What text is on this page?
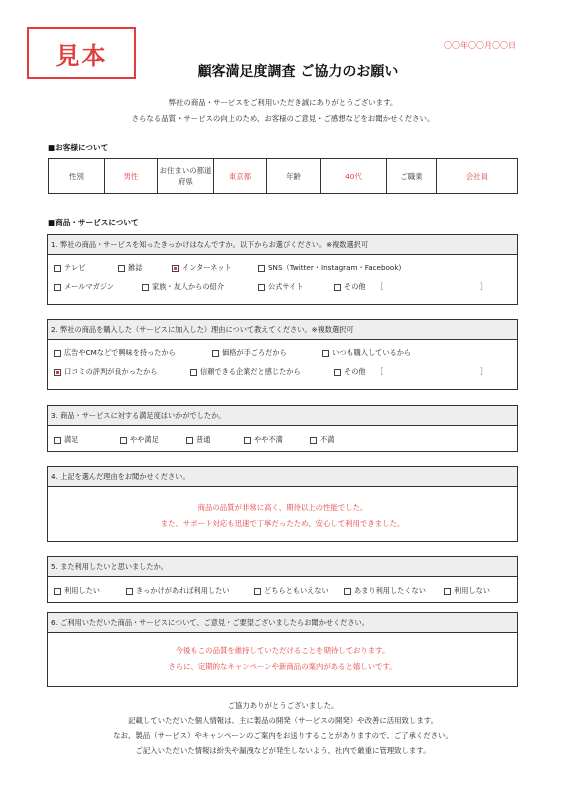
見本	〇〇年〇〇月〇〇日
顧客満足度調査 ご協力のお願い
弊社の商品・サービスをご利用いただき誠にありがとうございます。
さらなる品質・サービスの向上のため、お客様のご意見・ご感想などをお聞かせください。
■お客様について
性別	男性	お住まいの都道府県	東京都	年齢	40代	ご職業	会社員
■商品・サービスについて
1. 弊社の商品・サービスを知ったきっかけはなんですか。以下からお選びください。※複数選択可
テレビ	雑誌	インターネット	SNS（Twitter・Instagram・Facebook)
メールマガジン	家族・友人からの紹介	公式サイト	その他 ［	］
2. 弊社の商品を購入した（サービスに加入した）理由について教えてください。※複数選択可
広告やCMなどで興味を持ったから	価格が手ごろだから	いつも購入しているから
口コミの評判が良かったから	信頼できる企業だと感じたから	その他 ［	］
3. 商品・サービスに対する満足度はいかがでしたか。
満足	やや満足	普通	やや不満	不満
4. 上記を選んだ理由をお聞かせください。
商品の品質が非常に高く、期待以上の性能でした。
また、サポート対応も迅速で丁寧だったため、安心して利用できました。
5. また利用したいと思いましたか。
利用したい	きっかけがあれば利用したい	どちらともいえない	あまり利用したくない	利用しない
6. ご利用いただいた商品・サービスについて、ご意見・ご要望ございましたらお聞かせください。
今後もこの品質を維持していただけることを期待しております。
さらに、定期的なキャンペーンや新商品の案内があると嬉しいです。
ご協力ありがとうございました。
記載していただいた個人情報は、主に製品の開発（サービスの開発）や改善に活用致します。
なお、製品（サービス）やキャンペーンのご案内をお送りすることがありますので、ご了承ください。
ご記入いただいた情報は紛失や漏洩などが発生しないよう、社内で厳重に管理致します。
